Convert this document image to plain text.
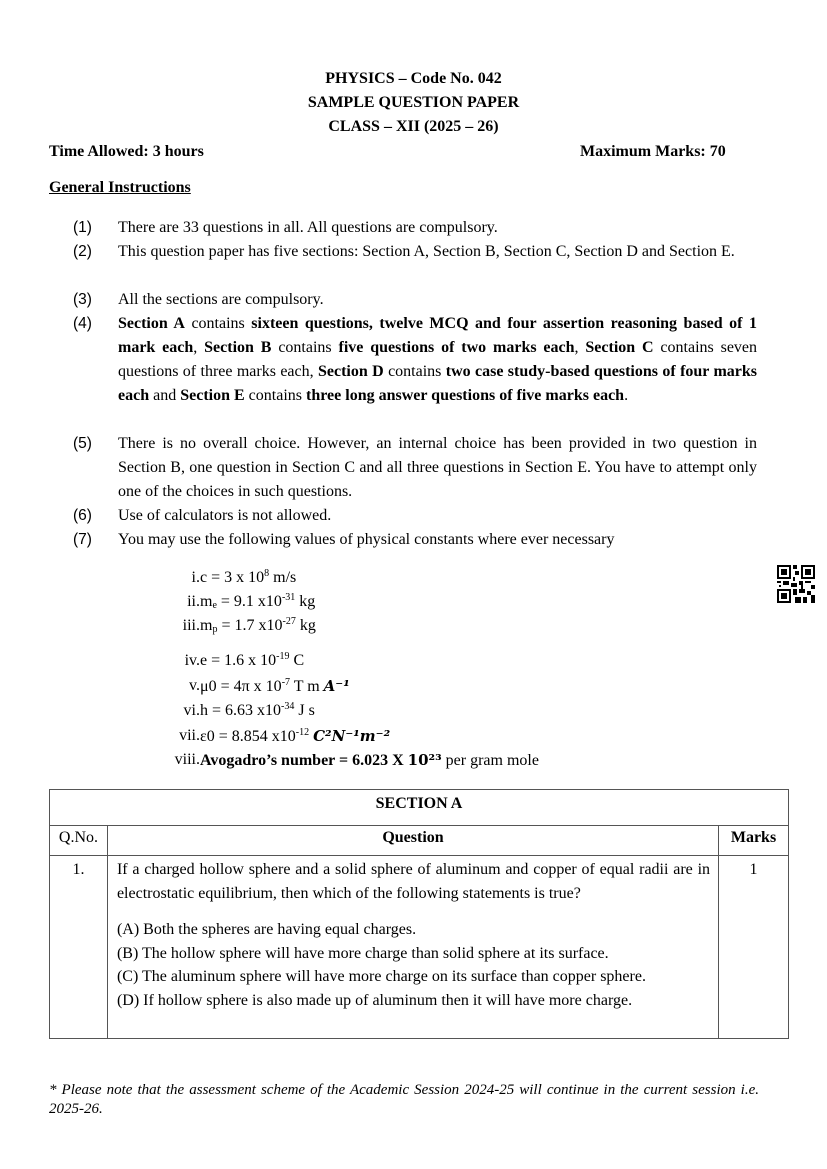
PHYSICS – Code No. 042
SAMPLE QUESTION PAPER
CLASS – XII (2025 – 26)
Time Allowed: 3 hours	Maximum Marks: 70
General Instructions
(1) There are 33 questions in all. All questions are compulsory.
(2) This question paper has five sections: Section A, Section B, Section C, Section D and Section E.
(3) All the sections are compulsory.
(4) Section A contains sixteen questions, twelve MCQ and four assertion reasoning based of 1 mark each, Section B contains five questions of two marks each, Section C contains seven questions of three marks each, Section D contains two case study-based questions of four marks each and Section E contains three long answer questions of five marks each.
(5) There is no overall choice. However, an internal choice has been provided in two question in Section B, one question in Section C and all three questions in Section E. You have to attempt only one of the choices in such questions.
(6) Use of calculators is not allowed.
(7) You may use the following values of physical constants where ever necessary
i. c = 3 x $10^8$ m/s
ii. $m_e = 9.1$ $x10^{-31}$ kg
iii. $m_p = 1.7$ $x10^{-27}$ kg
iv. e = 1.6 x $10^{-19}$ C
v. μ0 = 4π x $10^{-7}$ T m A⁻¹
vi. h = 6.63 $x10^{-34}$ J s
vii. ε0 = 8.854 $x10^{-12}$ C²N⁻¹m⁻²
viii. Avogadro’s number = 6.023 X 10²³ per gram mole
SECTION A		
Q.No.	Question	Marks
1.	If a charged hollow sphere and a solid sphere of aluminum and copper of equal radii are in electrostatic equilibrium, then which of the following statements is true?
(A) Both the spheres are having equal charges.
(B) The hollow sphere will have more charge than solid sphere at its surface.
(C) The aluminum sphere will have more charge on its surface than copper sphere.
(D) If hollow sphere is also made up of aluminum then it will have more charge.	1
* Please note that the assessment scheme of the Academic Session 2024-25 will continue in the current session i.e. 2025-26.
